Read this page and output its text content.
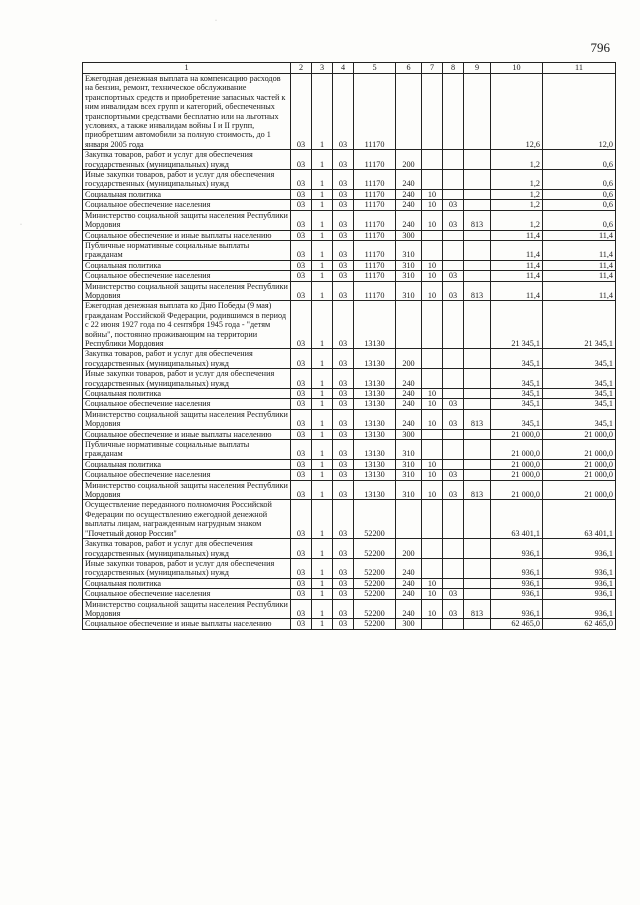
796
·
·
1	2	3	4	5	6	7	8	9	10	11
Ежегодная денежная выплата на компенсацию расходов на бензин, ремонт, техническое обслуживание транспортных средств и приобретение запасных частей к ним инвалидам всех групп и категорий, обеспеченных транспортными средствами бесплатно или на льготных условиях, а также инвалидам войны I и II групп, приобретшим автомобили за полную стоимость, до 1 января 2005 года	03	1	03	11170					12,6	12,0
Закупка товаров, работ и услуг для обеспечения государственных (муниципальных) нужд	03	1	03	11170	200				1,2	0,6
Иные закупки товаров, работ и услуг для обеспечения государственных (муниципальных) нужд	03	1	03	11170	240				1,2	0,6
Социальная политика	03	1	03	11170	240	10			1,2	0,6
Социальное обеспечение населения	03	1	03	11170	240	10	03		1,2	0,6
Министерство социальной защиты населения Республики Мордовия	03	1	03	11170	240	10	03	813	1,2	0,6
Социальное обеспечение и иные выплаты населению	03	1	03	11170	300				11,4	11,4
Публичные нормативные социальные выплаты гражданам	03	1	03	11170	310				11,4	11,4
Социальная политика	03	1	03	11170	310	10			11,4	11,4
Социальное обеспечение населения	03	1	03	11170	310	10	03		11,4	11,4
Министерство социальной защиты населения Республики Мордовия	03	1	03	11170	310	10	03	813	11,4	11,4
Ежегодная денежная выплата ко Дню Победы (9 мая) гражданам Российской Федерации, родившимся в период с 22 июня 1927 года по 4 сентября 1945 года - "детям войны", постоянно проживающим на территории Республики Мордовия	03	1	03	13130					21 345,1	21 345,1
Закупка товаров, работ и услуг для обеспечения государственных (муниципальных) нужд	03	1	03	13130	200				345,1	345,1
Иные закупки товаров, работ и услуг для обеспечения государственных (муниципальных) нужд	03	1	03	13130	240				345,1	345,1
Социальная политика	03	1	03	13130	240	10			345,1	345,1
Социальное обеспечение населения	03	1	03	13130	240	10	03		345,1	345,1
Министерство социальной защиты населения Республики Мордовия	03	1	03	13130	240	10	03	813	345,1	345,1
Социальное обеспечение и иные выплаты населению	03	1	03	13130	300				21 000,0	21 000,0
Публичные нормативные социальные выплаты гражданам	03	1	03	13130	310				21 000,0	21 000,0
Социальная политика	03	1	03	13130	310	10			21 000,0	21 000,0
Социальное обеспечение населения	03	1	03	13130	310	10	03		21 000,0	21 000,0
Министерство социальной защиты населения Республики Мордовия	03	1	03	13130	310	10	03	813	21 000,0	21 000,0
Осуществление переданного полномочия Российской Федерации по осуществлению ежегодной денежной выплаты лицам, награжденным нагрудным знаком "Почетный донор России"	03	1	03	52200					63 401,1	63 401,1
Закупка товаров, работ и услуг для обеспечения государственных (муниципальных) нужд	03	1	03	52200	200				936,1	936,1
Иные закупки товаров, работ и услуг для обеспечения государственных (муниципальных) нужд	03	1	03	52200	240				936,1	936,1
Социальная политика	03	1	03	52200	240	10			936,1	936,1
Социальное обеспечение населения	03	1	03	52200	240	10	03		936,1	936,1
Министерство социальной защиты населения Республики Мордовия	03	1	03	52200	240	10	03	813	936,1	936,1
Социальное обеспечение и иные выплаты населению	03	1	03	52200	300				62 465,0	62 465,0
